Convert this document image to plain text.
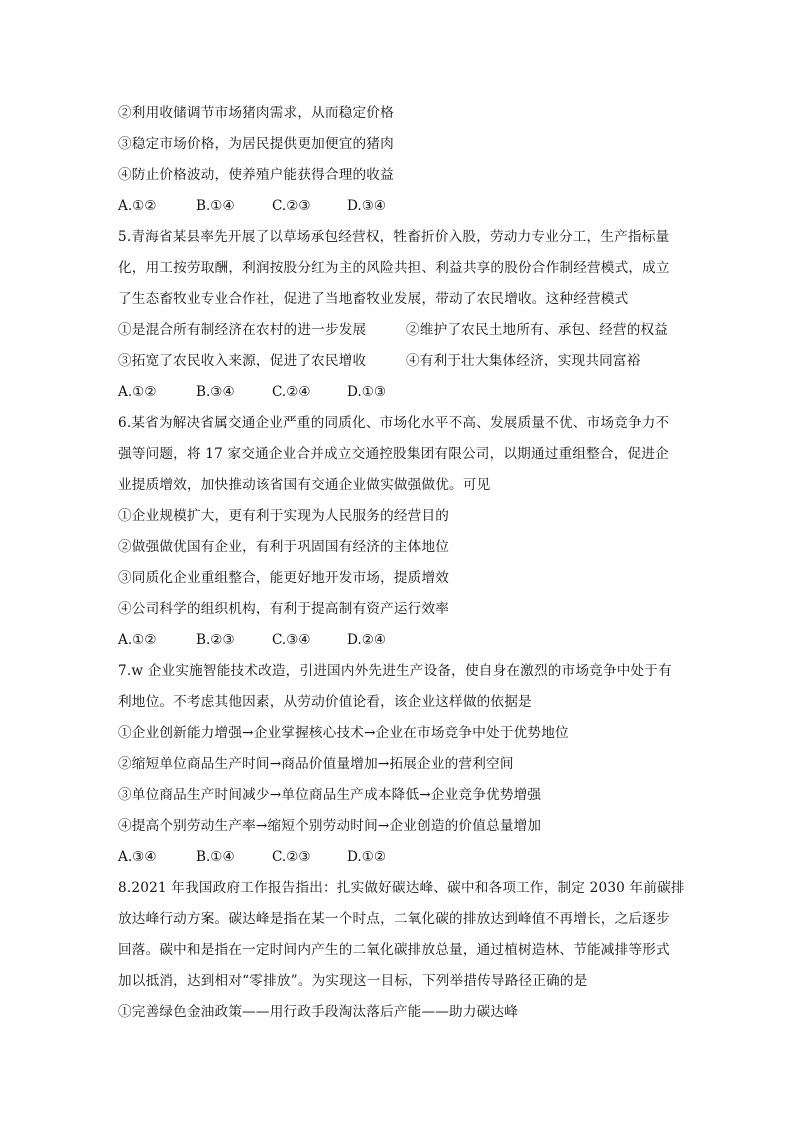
②利用收储调节市场猪肉需求，从而稳定价格
③稳定市场价格，为居民提供更加便宜的猪肉
④防止价格波动，使养殖户能获得合理的收益
A.①②	B.①④	C.②③	D.③④
5.青海省某县率先开展了以草场承包经营权，牲畜折价入股，劳动力专业分工，生产指标量
化，用工按劳取酬，利润按股分红为主的风险共担、利益共享的股份合作制经营模式，成立
了生态畜牧业专业合作社，促进了当地畜牧业发展，带动了农民增收。这种经营模式
①是混合所有制经济在农村的进一步发展	②维护了农民土地所有、承包、经营的权益
③拓宽了农民收入来源，促进了农民增收	④有利于壮大集体经济，实现共同富裕
A.①②	B.③④	C.②④	D.①③
6.某省为解决省属交通企业严重的同质化、市场化水平不高、发展质量不优、市场竞争力不
强等问题，将 17 家交通企业合并成立交通控股集团有限公司，以期通过重组整合，促进企
业提质增效，加快推动该省国有交通企业做实做强做优。可见
①企业规模扩大，更有利于实现为人民服务的经营目的
②做强做优国有企业，有利于巩固国有经济的主体地位
③同质化企业重组整合，能更好地开发市场，提质增效
④公司科学的组织机构，有利于提高制有资产运行效率
A.①②	B.②③	C.③④	D.②④
7.w 企业实施智能技术改造，引进国内外先进生产设备，使自身在激烈的市场竞争中处于有
利地位。不考虑其他因素，从劳动价值论看，该企业这样做的依据是
①企业创新能力增强→企业掌握核心技术→企业在市场竞争中处于优势地位
②缩短单位商品生产时间→商品价值量增加→拓展企业的营利空间
③单位商品生产时间减少→单位商品生产成本降低→企业竞争优势增强
④提高个别劳动生产率→缩短个别劳动时间→企业创造的价值总量增加
A.③④	B.①④	C.②③	D.①②
8.2021 年我国政府工作报告指出：扎实做好碳达峰、碳中和各项工作，制定 2030 年前碳排
放达峰行动方案。碳达峰是指在某一个时点，二氧化碳的排放达到峰值不再增长，之后逐步
回落。碳中和是指在一定时间内产生的二氧化碳排放总量，通过植树造林、节能减排等形式
加以抵消，达到相对“零排放”。为实现这一目标，下列举措传导路径正确的是
①完善绿色金油政策——用行政手段淘汰落后产能——助力碳达峰
